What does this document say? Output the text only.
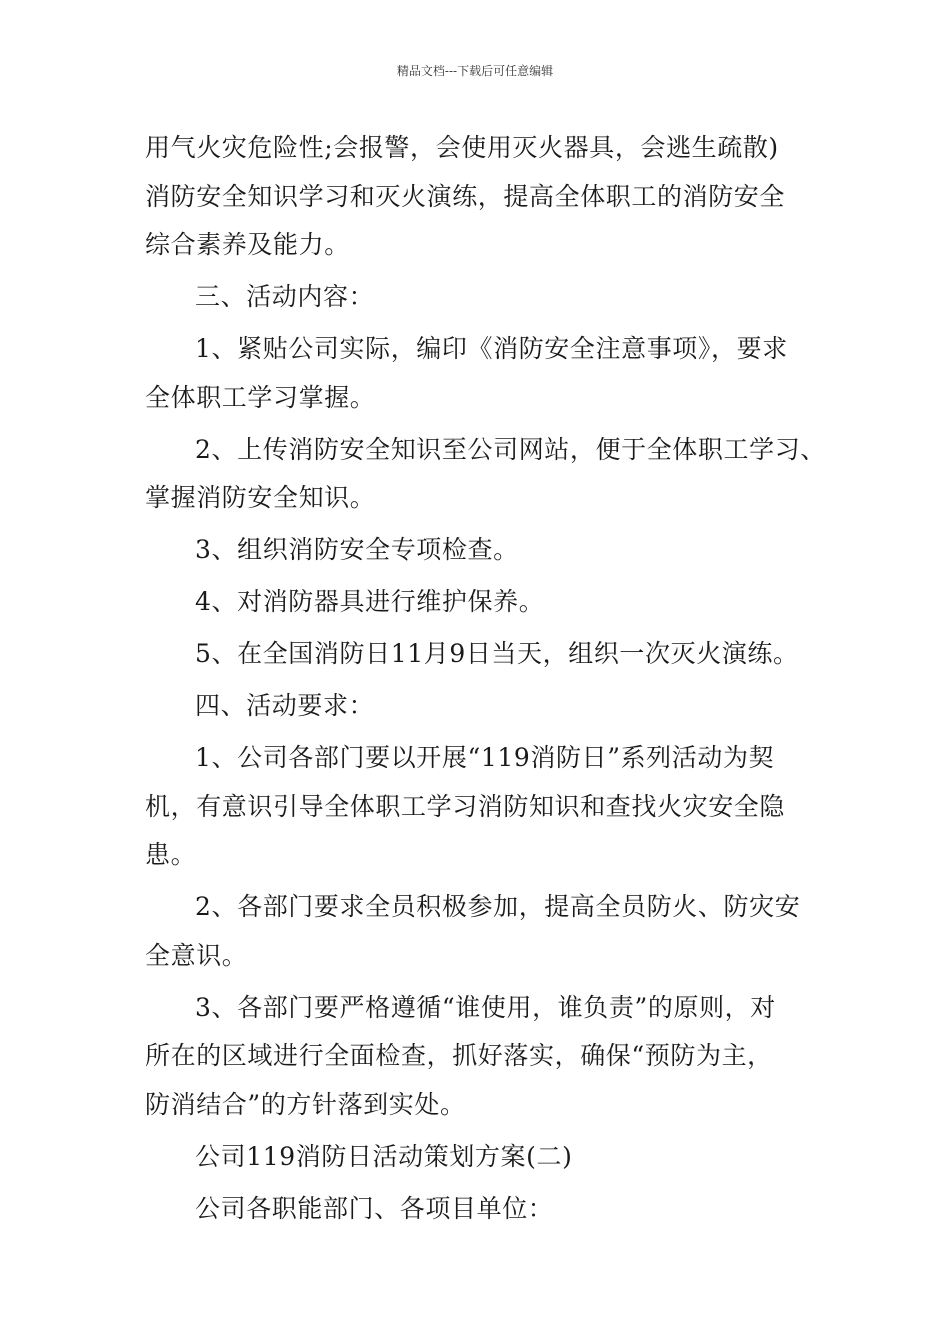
精品文档---下载后可任意编辑
用气火灾危险性;会报警，会使用灭火器具，会逃生疏散)
消防安全知识学习和灭火演练，提高全体职工的消防安全
综合素养及能力。
三、活动内容：
1、紧贴公司实际，编印《消防安全注意事项》，要求
全体职工学习掌握。
2、上传消防安全知识至公司网站，便于全体职工学习、
掌握消防安全知识。
3、组织消防安全专项检查。
4、对消防器具进行维护保养。
5、在全国消防日11月9日当天，组织一次灭火演练。
四、活动要求：
1、公司各部门要以开展“119消防日”系列活动为契
机，有意识引导全体职工学习消防知识和查找火灾安全隐
患。
2、各部门要求全员积极参加，提高全员防火、防灾安
全意识。
3、各部门要严格遵循“谁使用，谁负责”的原则，对
所在的区域进行全面检查，抓好落实，确保“预防为主，
防消结合”的方针落到实处。
公司119消防日活动策划方案(二)
公司各职能部门、各项目单位：
